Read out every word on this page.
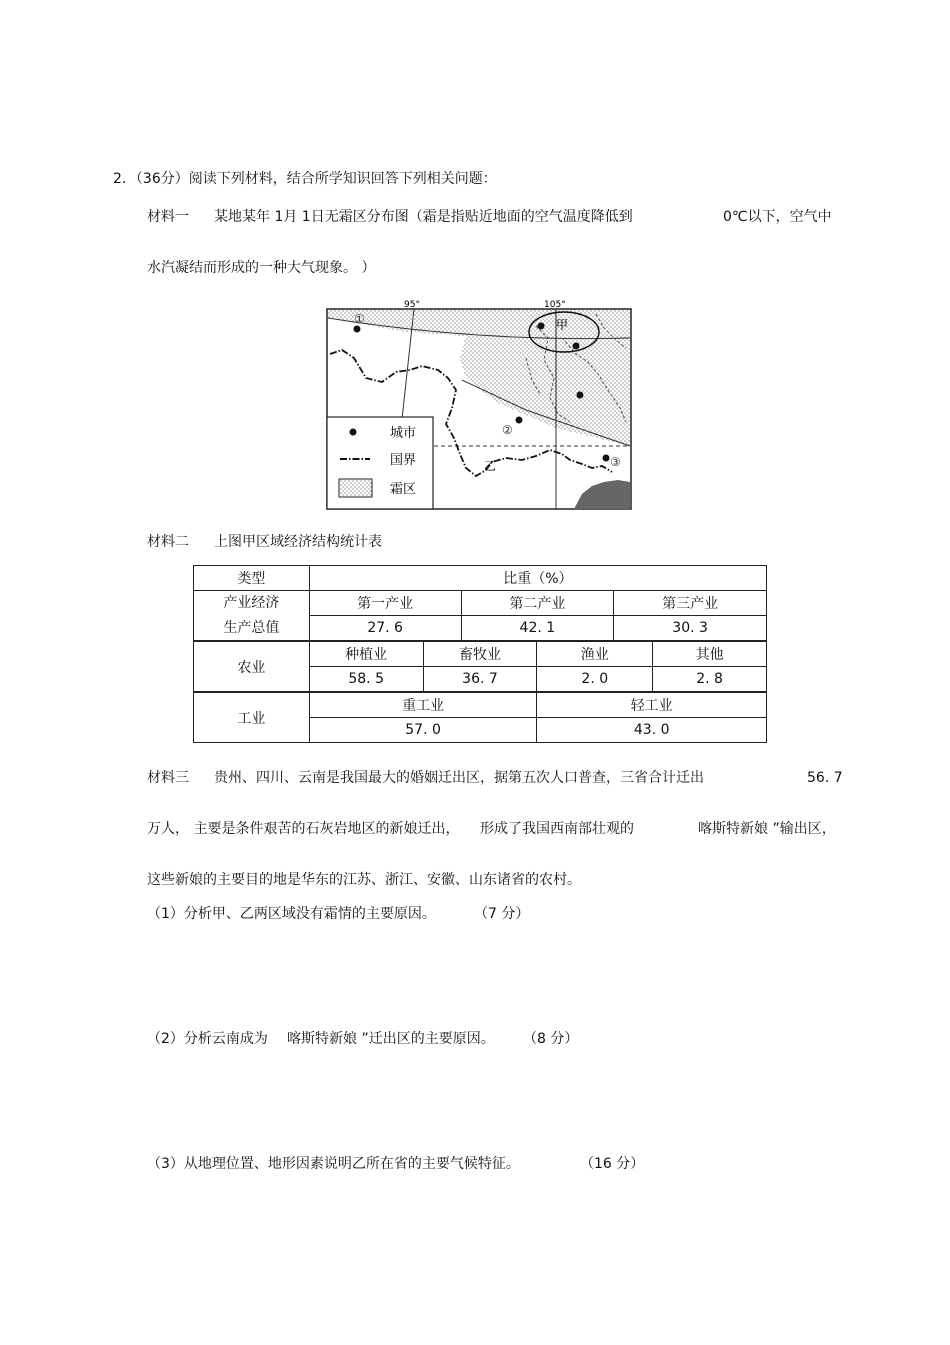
2．（36分）阅读下列材料，结合所学知识回答下列相关问题：
材料一 某地某年 1月 1日无霜区分布图（霜是指贴近地面的空气温度降低到	0℃以下，空气中
水汽凝结而形成的一种大气现象。 ）
95°	105°
甲
乙
①
②
③
城市
国界
霜区
材料二 上图甲区域经济结构统计表
类型	比重（%）					
产业经济
生产总值	第一产业		第二产业		第三产业	
	27. 6		42. 1		30. 3	
农业	种植业	畜牧业		渔业		其他
	58. 5	36. 7		2. 0		2. 8
工业	重工业			轻工业		
	57. 0			43. 0		
材料三 贵州、四川、云南是我国最大的婚姻迁出区，据第五次人口普查，三省合计迁出	56. 7
万人， 主要是条件艰苦的石灰岩地区的新娘迁出， 形成了我国西南部壮观的	喀斯特新娘 ”输出区，
这些新娘的主要目的地是华东的江苏、浙江、安徽、山东诸省的农村。
（1）分析甲、乙两区域没有霜情的主要原因。	（7 分）
（2）分析云南成为 喀斯特新娘 ”迁出区的主要原因。 （8 分）
（3）从地理位置、地形因素说明乙所在省的主要气候特征。	（16 分）
